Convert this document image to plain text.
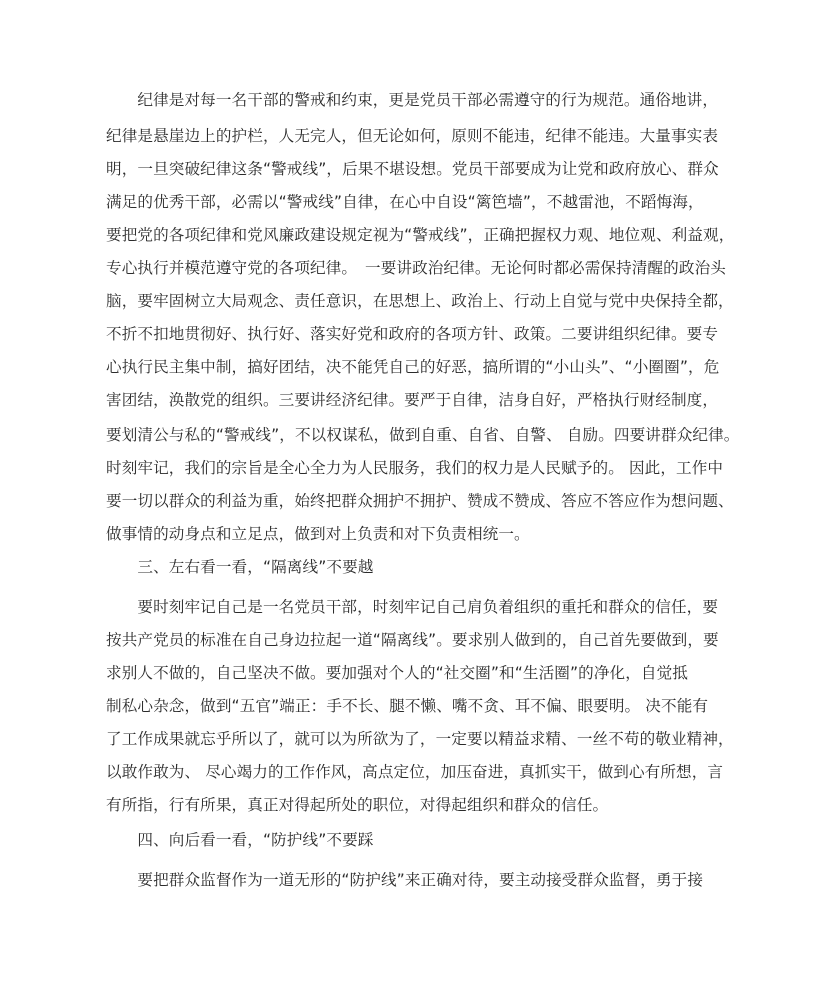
　　纪律是对每一名干部的警戒和约束，更是党员干部必需遵守的行为规范。通俗地讲，
纪律是悬崖边上的护栏，人无完人，但无论如何，原则不能违，纪律不能违。大量事实表
明，一旦突破纪律这条“警戒线”，后果不堪设想。党员干部要成为让党和政府放心、群众
满足的优秀干部，必需以“警戒线”自律，在心中自设“篱笆墙”，不越雷池，不蹈悔海，
要把党的各项纪律和党风廉政建设规定视为“警戒线”，正确把握权力观、地位观、利益观，
专心执行并模范遵守党的各项纪律。　一要讲政治纪律。无论何时都必需保持清醒的政治头
脑，要牢固树立大局观念、责任意识，在思想上、政治上、行动上自觉与党中央保持全都，
不折不扣地贯彻好、执行好、落实好党和政府的各项方针、政策。二要讲组织纪律。要专
心执行民主集中制，搞好团结，决不能凭自己的好恶，搞所谓的“小山头”、“小圈圈”，危
害团结，涣散党的组织。三要讲经济纪律。要严于自律，洁身自好，严格执行财经制度，
要划清公与私的“警戒线”，不以权谋私，做到自重、自省、自警、 自励。四要讲群众纪律。
时刻牢记，我们的宗旨是全心全力为人民服务，我们的权力是人民赋予的。 因此，工作中
要一切以群众的利益为重，始终把群众拥护不拥护、赞成不赞成、答应不答应作为想问题、
做事情的动身点和立足点，做到对上负责和对下负责相统一。
　　三、左右看一看，“隔离线”不要越
　　要时刻牢记自己是一名党员干部，时刻牢记自己肩负着组织的重托和群众的信任，要
按共产党员的标准在自己身边拉起一道“隔离线”。要求别人做到的，自己首先要做到，要
求别人不做的，自己坚决不做。要加强对个人的“社交圈”和“生活圈”的净化，自觉抵
制私心杂念，做到“五官”端正：手不长、腿不懒、嘴不贪、耳不偏、眼要明。 决不能有
了工作成果就忘乎所以了，就可以为所欲为了，一定要以精益求精、一丝不苟的敬业精神，
以敢作敢为、 尽心竭力的工作作风，高点定位，加压奋进，真抓实干，做到心有所想，言
有所指，行有所果，真正对得起所处的职位，对得起组织和群众的信任。
　　四、向后看一看，“防护线”不要踩
　　要把群众监督作为一道无形的“防护线”来正确对待，要主动接受群众监督，勇于接
